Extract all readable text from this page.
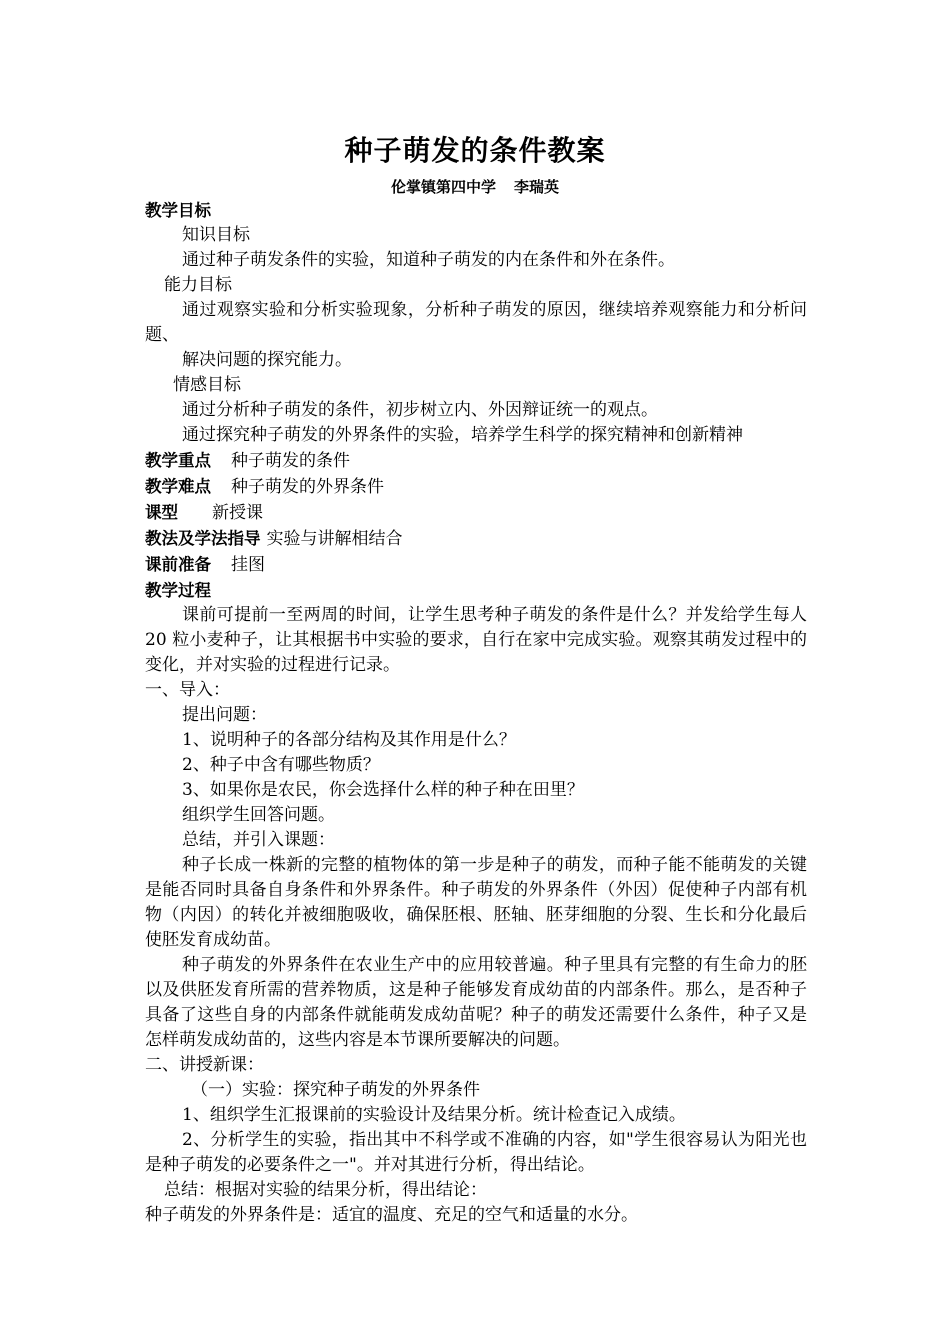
种子萌发的条件教案
伦掌镇第四中学 李瑞英

教学目标

知识目标

通过种子萌发条件的实验，知道种子萌发的内在条件和外在条件。

能力目标

通过观察实验和分析实验现象，分析种子萌发的原因，继续培养观察能力和分析问题、

解决问题的探究能力。

情感目标

通过分析种子萌发的条件，初步树立内、外因辩证统一的观点。

通过探究种子萌发的外界条件的实验，培养学生科学的探究精神和创新精神

教学重点 种子萌发的条件

教学难点 种子萌发的外界条件

课型 新授课

教法及学法指导 实验与讲解相结合

课前准备 挂图

教学过程

课前可提前一至两周的时间，让学生思考种子萌发的条件是什么？并发给学生每人 20 粒小麦种子，让其根据书中实验的要求，自行在家中完成实验。观察其萌发过程中的变化，并对实验的过程进行记录。

一、导入：

提出问题：

1、说明种子的各部分结构及其作用是什么？

2、种子中含有哪些物质？

3、如果你是农民，你会选择什么样的种子种在田里？

组织学生回答问题。

总结，并引入课题：

种子长成一株新的完整的植物体的第一步是种子的萌发，而种子能不能萌发的关键是能否同时具备自身条件和外界条件。种子萌发的外界条件（外因）促使种子内部有机物（内因）的转化并被细胞吸收，确保胚根、胚轴、胚芽细胞的分裂、生长和分化最后使胚发育成幼苗。

种子萌发的外界条件在农业生产中的应用较普遍。种子里具有完整的有生命力的胚以及供胚发育所需的营养物质，这是种子能够发育成幼苗的内部条件。那么，是否种子具备了这些自身的内部条件就能萌发成幼苗呢？种子的萌发还需要什么条件，种子又是怎样萌发成幼苗的，这些内容是本节课所要解决的问题。

二、讲授新课：

（一）实验：探究种子萌发的外界条件

1、组织学生汇报课前的实验设计及结果分析。统计检查记入成绩。

2、分析学生的实验，指出其中不科学或不准确的内容，如"学生很容易认为阳光也是种子萌发的必要条件之一"。并对其进行分析，得出结论。

总结：根据对实验的结果分析，得出结论：

种子萌发的外界条件是：适宜的温度、充足的空气和适量的水分。
